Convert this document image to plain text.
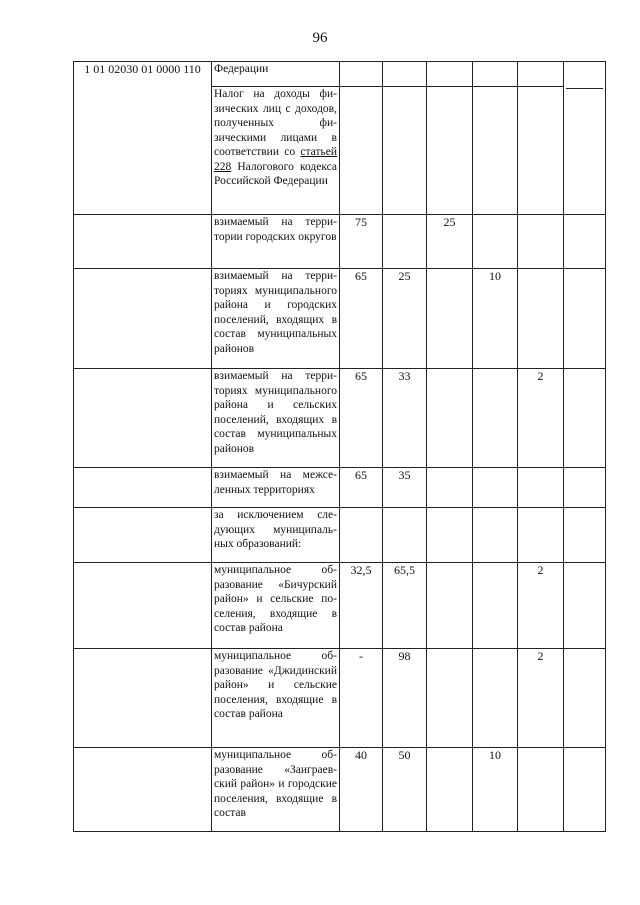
96
1 01 02030 01 0000 110	Федерации						

	Налог на доходы физических лиц с доходов, полученных физическими лицами в соответствии со статьей 228 Налогового кодекса Российской Федерации						
	взимаемый на территории городских округов	75		25			
	взимаемый на территориях муниципального района и городских поселений, входящих в состав муниципальных районов	65	25		10		
	взимаемый на территориях муниципального района и сельских поселений, входящих в состав муниципальных районов	65	33			2	
	взимаемый на межселенных территориях	65	35				
	за исключением следующих муниципальных образований:						
	муниципальное образование «Бичурский район» и сельские поселения, входящие в состав района	32,5	65,5			2	
	муниципальное образование «Джидинский район» и сельские поселения, входящие в состав района	-	98			2	
	муниципальное образование «Заиграевский район» и городские поселения, входящие в состав	40	50		10		
